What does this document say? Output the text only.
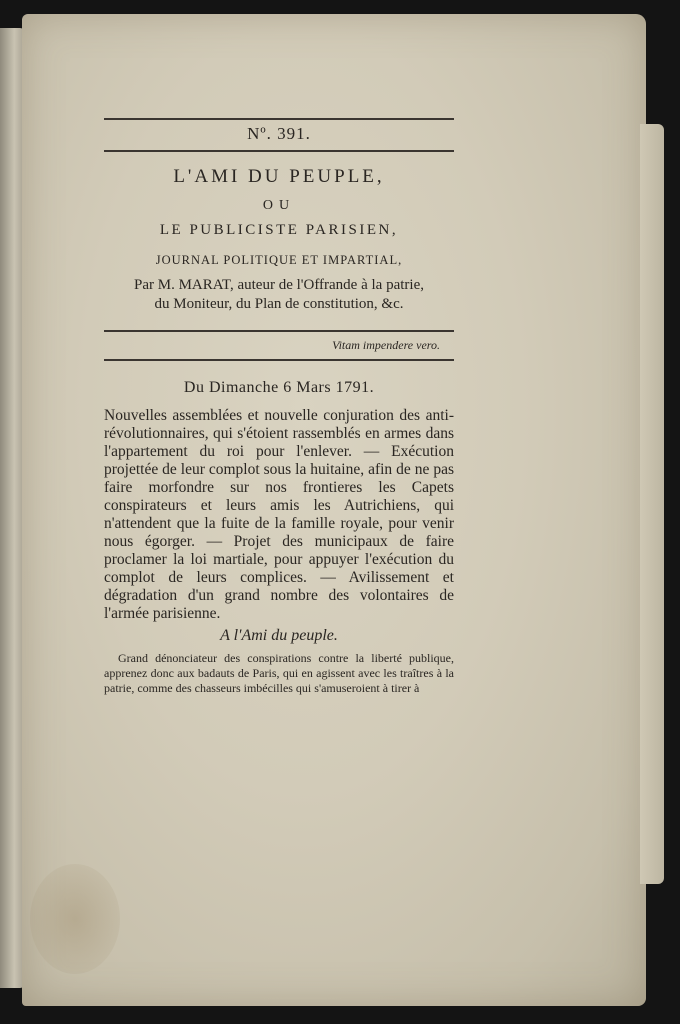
Nº. 391.
L'AMI DU PEUPLE,
OU
LE PUBLICISTE PARISIEN,
JOURNAL POLITIQUE ET IMPARTIAL,
Par M. MARAT, auteur de l'Offrande à la patrie,
du Moniteur, du Plan de constitution, &c.
Vitam impendere vero.
Du Dimanche 6 Mars 1791.

Nouvelles assemblées et nouvelle conjuration des anti-révolutionnaires, qui s'étoient rassemblés en armes dans l'appartement du roi pour l'enlever. — Exécution projettée de leur complot sous la huitaine, afin de ne pas faire morfondre sur nos frontieres les Capets conspirateurs et leurs amis les Autrichiens, qui n'attendent que la fuite de la famille royale, pour venir nous égorger. — Projet des municipaux de faire proclamer la loi martiale, pour appuyer l'exécution du complot de leurs complices. — Avilissement et dégradation d'un grand nombre des volontaires de l'armée parisienne.

A l'Ami du peuple.

Grand dénonciateur des conspirations contre la liberté publique, apprenez donc aux badauts de Paris, qui en agissent avec les traîtres à la patrie, comme des chasseurs imbécilles qui s'amuseroient à tirer à
